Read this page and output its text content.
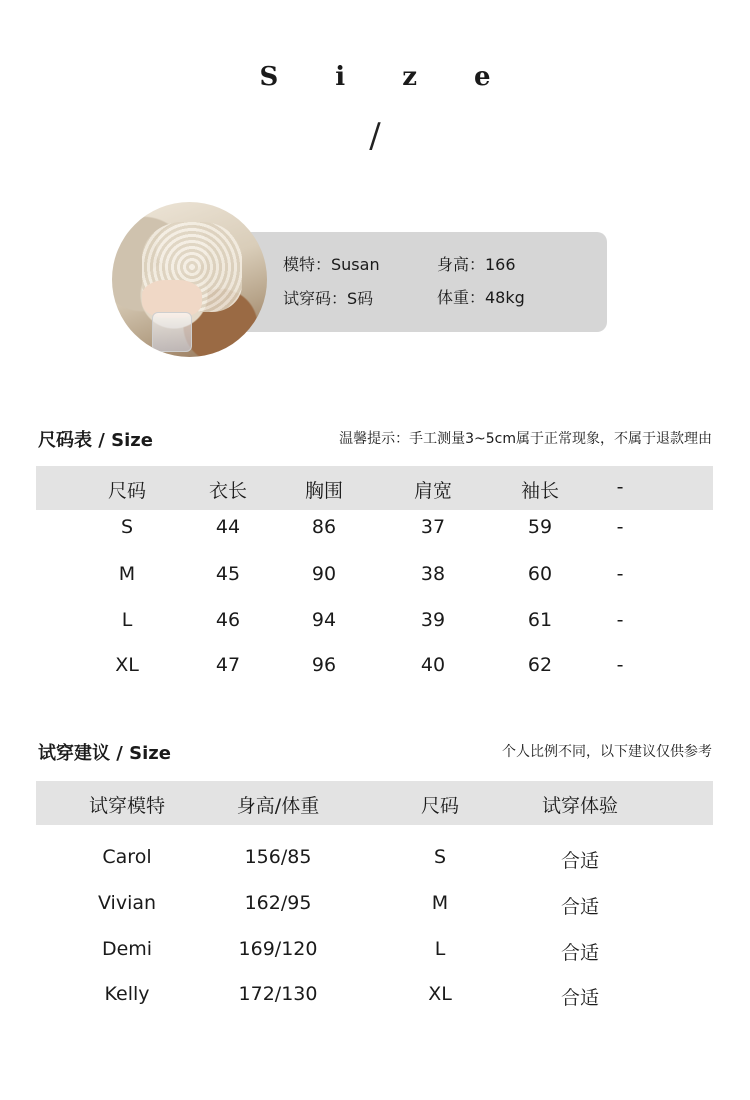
S i z e
/
模特：Susan
试穿码：S码
身高：166
体重：48kg
尺码表 / Size	温馨提示：手工测量3~5cm属于正常现象，不属于退款理由
尺码	衣长	胸围	肩宽	袖长	-
S	44	86	37	59	-
M	45	90	38	60	-
L	46	94	39	61	-
XL	47	96	40	62	-
试穿建议 / Size	个人比例不同，以下建议仅供参考
试穿模特	身高/体重	尺码	试穿体验
Carol	156/85	S	合适
Vivian	162/95	M	合适
Demi	169/120	L	合适
Kelly	172/130	XL	合适
